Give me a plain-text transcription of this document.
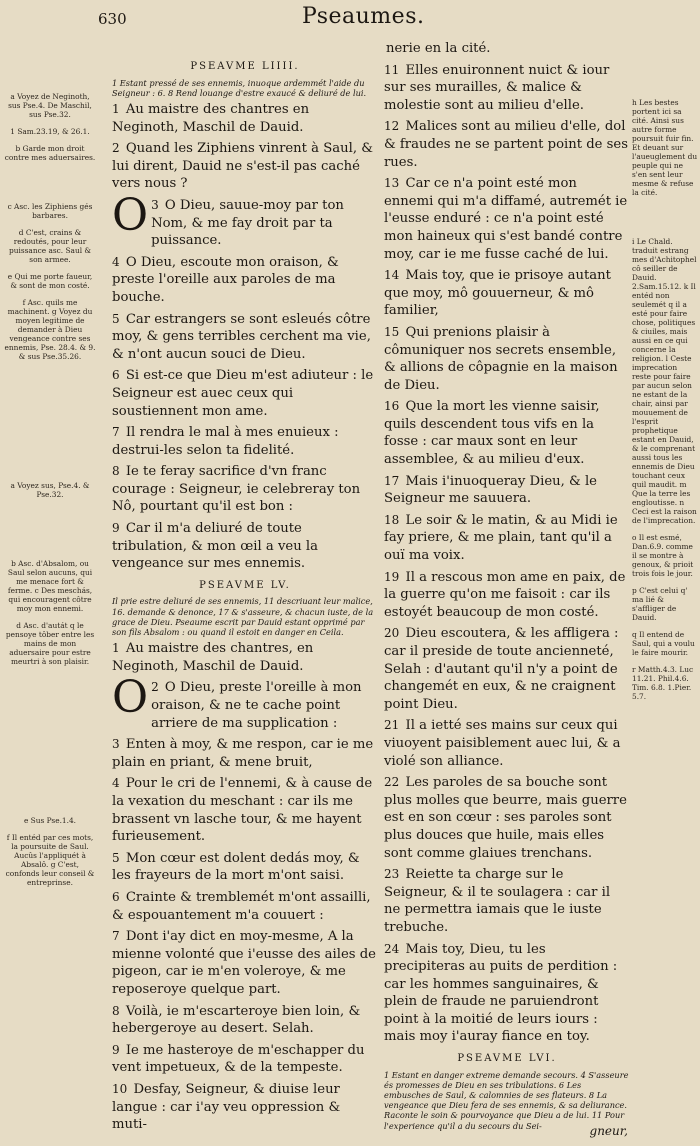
630	Pseaumes.
a Voyez de Neginoth, sus Pse.4. De Maschil, sus Pse.32.
1 Sam.23.19, & 26.1.
b Garde mon droit contre mes aduersaires.
c Asc. les Ziphiens gés barbares.
d C'est, crains & redoutés, pour leur puissance asc. Saul & son armee.
e Qui me porte faueur, & sont de mon costé.
f Asc. quils me machinent. g Voyez du moyen legitime de demander à Dieu vengeance contre ses ennemis, Pse. 28.4. & 9. & sus Pse.35.26.
a Voyez sus, Pse.4. & Pse.32.
b Asc. d'Absalom, ou Saul selon aucuns, qui me menace fort & ferme. c Des meschás, qui encouragent côtre moy mon ennemi.
d Asc. d'autát q le pensoye tôber entre les mains de mon aduersaire pour estre meurtri à son plaisir.
e Sus Pse.1.4.
f Il entéd par ces mots, la poursuite de Saul. Aucûs l'appliquét à Absalô. g C'est, confonds leur conseil & entreprinse.
PSEAVME LIIII.
1 Estant pressé de ses ennemis, inuoque ardemmét l'aide du Seigneur : 6. 8 Rend louange d'estre exaucé & deliuré de lui.
1 Au maistre des chantres en Neginoth, Maschil de Dauid.
2 Quand les Ziphiens vinrent à Saul, & lui dirent, Dauid ne s'est-il pas caché vers nous ?
O 3 O Dieu, sauue-moy par ton Nom, & me fay droit par ta puissance.
4 O Dieu, escoute mon oraison, & preste l'oreille aux paroles de ma bouche.
5 Car estrangers se sont esleués côtre moy, & gens terribles cerchent ma vie, & n'ont aucun souci de Dieu.
6 Si est-ce que Dieu m'est adiuteur : le Seigneur est auec ceux qui soustiennent mon ame.
7 Il rendra le mal à mes enuieux : destrui-les selon ta fidelité.
8 Ie te feray sacrifice d'vn franc courage : Seigneur, ie celebreray ton Nô, pourtant qu'il est bon :
9 Car il m'a deliuré de toute tribulation, & mon œil a veu la vengeance sur mes ennemis.
PSEAVME LV.
Il prie estre deliuré de ses ennemis, 11 descriuant leur malice, 16. demande & denonce, 17 & s'asseure, & chacun iuste, de la grace de Dieu. Pseaume escrit par Dauid estant opprimé par son fils Absalom : ou quand il estoit en danger en Ceila.
1 Au maistre des chantres, en Neginoth, Maschil de Dauid.
O 2 O Dieu, preste l'oreille à mon oraison, & ne te cache point arriere de ma supplication :
3 Enten à moy, & me respon, car ie me plain en priant, & mene bruit,
4 Pour le cri de l'ennemi, & à cause de la vexation du meschant : car ils me brassent vn lasche tour, & me hayent furieusement.
5 Mon cœur est dolent dedás moy, & les frayeurs de la mort m'ont saisi.
6 Crainte & tremblemét m'ont assailli, & espouantement m'a couuert :
7 Dont i'ay dict en moy-mesme, A la mienne volonté que i'eusse des ailes de pigeon, car ie m'en voleroye, & me reposeroye quelque part.
8 Voilà, ie m'escarteroye bien loin, & hebergeroye au desert. Selah.
9 Ie me hasteroye de m'eschapper du vent impetueux, & de la tempeste.
10 Desfay, Seigneur, & diuise leur langue : car i'ay veu oppression & muti-
nerie en la cité.
11 Elles enuironnent nuict & iour sur ses murailles, & malice & molestie sont au milieu d'elle.
12 Malices sont au milieu d'elle, dol & fraudes ne se partent point de ses rues.
13 Car ce n'a point esté mon ennemi qui m'a diffamé, autremét ie l'eusse enduré : ce n'a point esté mon haineux qui s'est bandé contre moy, car ie me fusse caché de lui.
14 Mais toy, que ie prisoye autant que moy, mô gouuerneur, & mô familier,
15 Qui prenions plaisir à cômuniquer nos secrets ensemble, & allions de côpagnie en la maison de Dieu.
16 Que la mort les vienne saisir, quils descendent tous vifs en la fosse : car maux sont en leur assemblee, & au milieu d'eux.
17 Mais i'inuoqueray Dieu, & le Seigneur me sauuera.
18 Le soir & le matin, & au Midi ie fay priere, & me plain, tant qu'il a ouï ma voix.
19 Il a rescous mon ame en paix, de la guerre qu'on me faisoit : car ils estoyét beaucoup de mon costé.
20 Dieu escoutera, & les affligera : car il preside de toute ancienneté, Selah : d'autant qu'il n'y a point de changemét en eux, & ne craignent point Dieu.
21 Il a ietté ses mains sur ceux qui viuoyent paisiblement auec lui, & a violé son alliance.
22 Les paroles de sa bouche sont plus molles que beurre, mais guerre est en son cœur : ses paroles sont plus douces que huile, mais elles sont comme glaiues trenchans.
23 Reiette ta charge sur le Seigneur, & il te soulagera : car il ne permettra iamais que le iuste trebuche.
24 Mais toy, Dieu, tu les precipiteras au puits de perdition : car les hommes sanguinaires, & plein de fraude ne paruiendront point à la moitié de leurs iours : mais moy i'auray fiance en toy.
PSEAVME LVI.
1 Estant en danger extreme demande secours. 4 S'asseure és promesses de Dieu en ses tribulations. 6 Les embusches de Saul, & calomnies de ses flateurs. 8 La vengeance que Dieu fera de ses ennemis, & sa deliurance. Raconte le soin & pourvoyance que Dieu a de lui. 11 Pour l'experience qu'il a du secours du Sei-
h Les bestes portent ici sa cité. Ainsi sus autre forme poursuit fuir fin. Et deuant sur l'aueuglement du peuple qui ne s'en sent leur mesme & refuse la cité.
i Le Chald. traduit estrang mes d'Achitophel cô seiller de Dauid. 2.Sam.15.12. k Il entéd non seulemét q il a esté pour faire chose, politiques & ciuiles, mais aussi en ce qui concerne la religion. l Ceste imprecation reste pour faire par aucun selon ne estant de la chair, ainsi par mouuement de l'esprit prophetique estant en Dauid, & le comprenant aussi tous les ennemis de Dieu touchant ceux quil maudit. m Que la terre les engloutisse. n Ceci est la raison de l'imprecation.
o Il est esmé, Dan.6.9. comme il se montre à genoux, & prioit trois fois le jour.
p C'est celui q' ma lié & s'affliger de Dauid.
q Il entend de Saul, qui a voulu le faire mourir.
r Matth.4.3. Luc 11.21. Phil.4.6. Tim. 6.8. 1.Pier. 5.7.
gneur,
